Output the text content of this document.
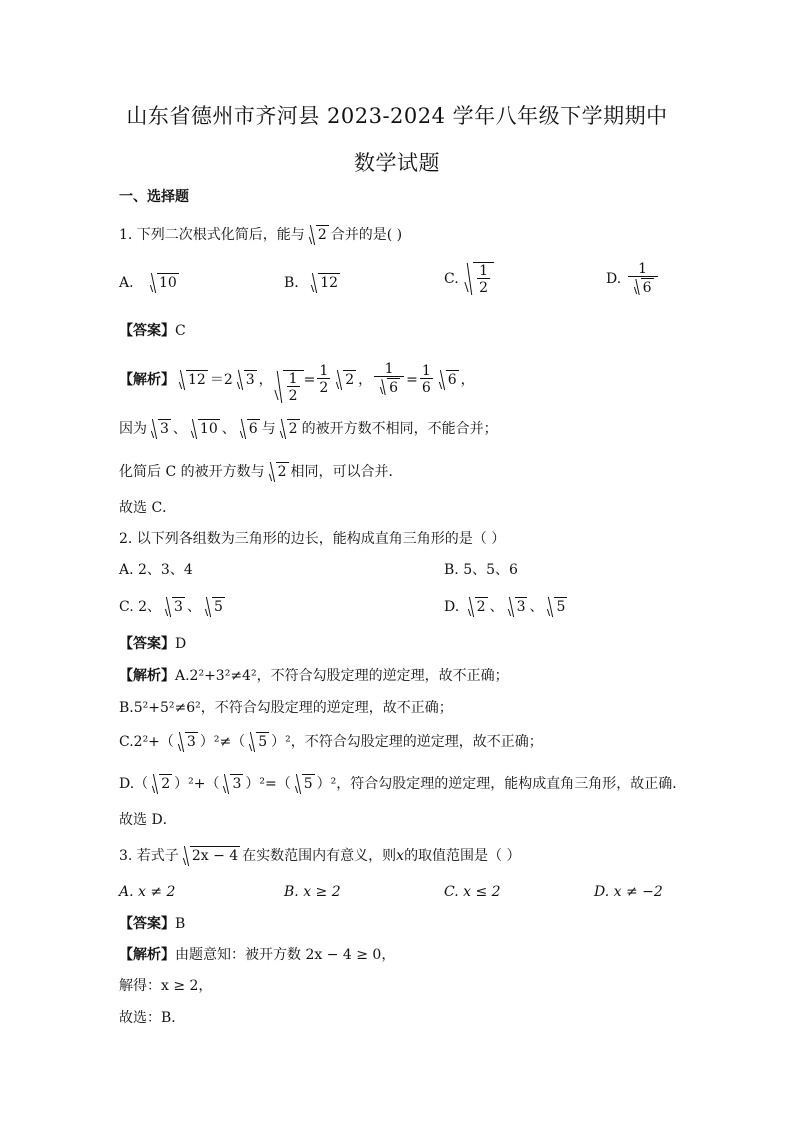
山东省德州市齐河县 2023-2024 学年八年级下学期期中
数学试题
一、选择题
1. 下列二次根式化简后，能与 2 合并的是( )
A. 10	B. 12	C. $\frac{1}{2}$	D. $\frac{1}{6}$
【答案】C
【解析】 12 ＝2 3 ， $\frac{1}{2} = \frac{1}{2} 2$ ， $\frac{1}{6} = \frac{1}{6} 6$ ，
因为 3 、 10 、 6 与 2 的被开方数不相同，不能合并；
化简后 C 的被开方数与 2 相同，可以合并．
故选 C．
2. 以下列各组数为三角形的边长，能构成直角三角形的是（ ）
A. 2、3、4	B. 5、5、6
C. 2、 3 、 5	D. 2 、 3 、 5
【答案】D
【解析】A.2²+3²≠4²，不符合勾股定理的逆定理，故不正确；
B.5²+5²≠6²，不符合勾股定理的逆定理，故不正确；
C.2²+（ 3 ）²≠（ 5 ）²，不符合勾股定理的逆定理，故不正确；
D.（ 2 ）²+（ 3 ）²=（ 5 ）²，符合勾股定理的逆定理，能构成直角三角形，故正确．
故选 D．
3. 若式子 2x − 4 在实数范围内有意义，则x的取值范围是（ ）
A. x ≠ 2	B. x ≥ 2	C. x ≤ 2	D. x ≠ −2
【答案】B
【解析】由题意知：被开方数 2x − 4 ≥ 0，
解得：x ≥ 2，
故选：B．
